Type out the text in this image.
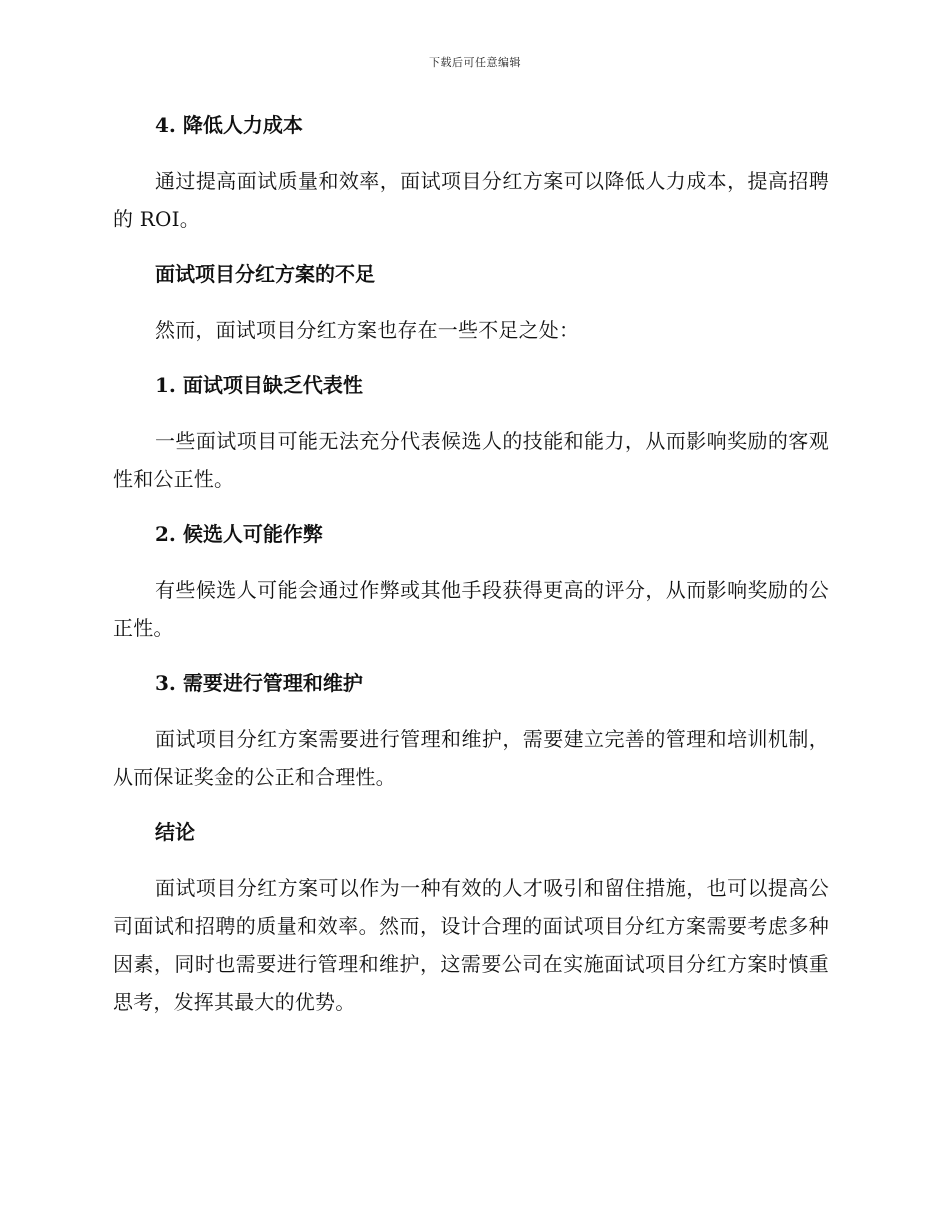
下载后可任意编辑
4. 降低人力成本

通过提高面试质量和效率，面试项目分红方案可以降低人力成本，提高招聘的 ROI。

面试项目分红方案的不足

然而，面试项目分红方案也存在一些不足之处：

1. 面试项目缺乏代表性

一些面试项目可能无法充分代表候选人的技能和能力，从而影响奖励的客观性和公正性。

2. 候选人可能作弊

有些候选人可能会通过作弊或其他手段获得更高的评分，从而影响奖励的公正性。

3. 需要进行管理和维护

面试项目分红方案需要进行管理和维护，需要建立完善的管理和培训机制，从而保证奖金的公正和合理性。

结论

面试项目分红方案可以作为一种有效的人才吸引和留住措施，也可以提高公司面试和招聘的质量和效率。然而，设计合理的面试项目分红方案需要考虑多种因素，同时也需要进行管理和维护，这需要公司在实施面试项目分红方案时慎重思考，发挥其最大的优势。
